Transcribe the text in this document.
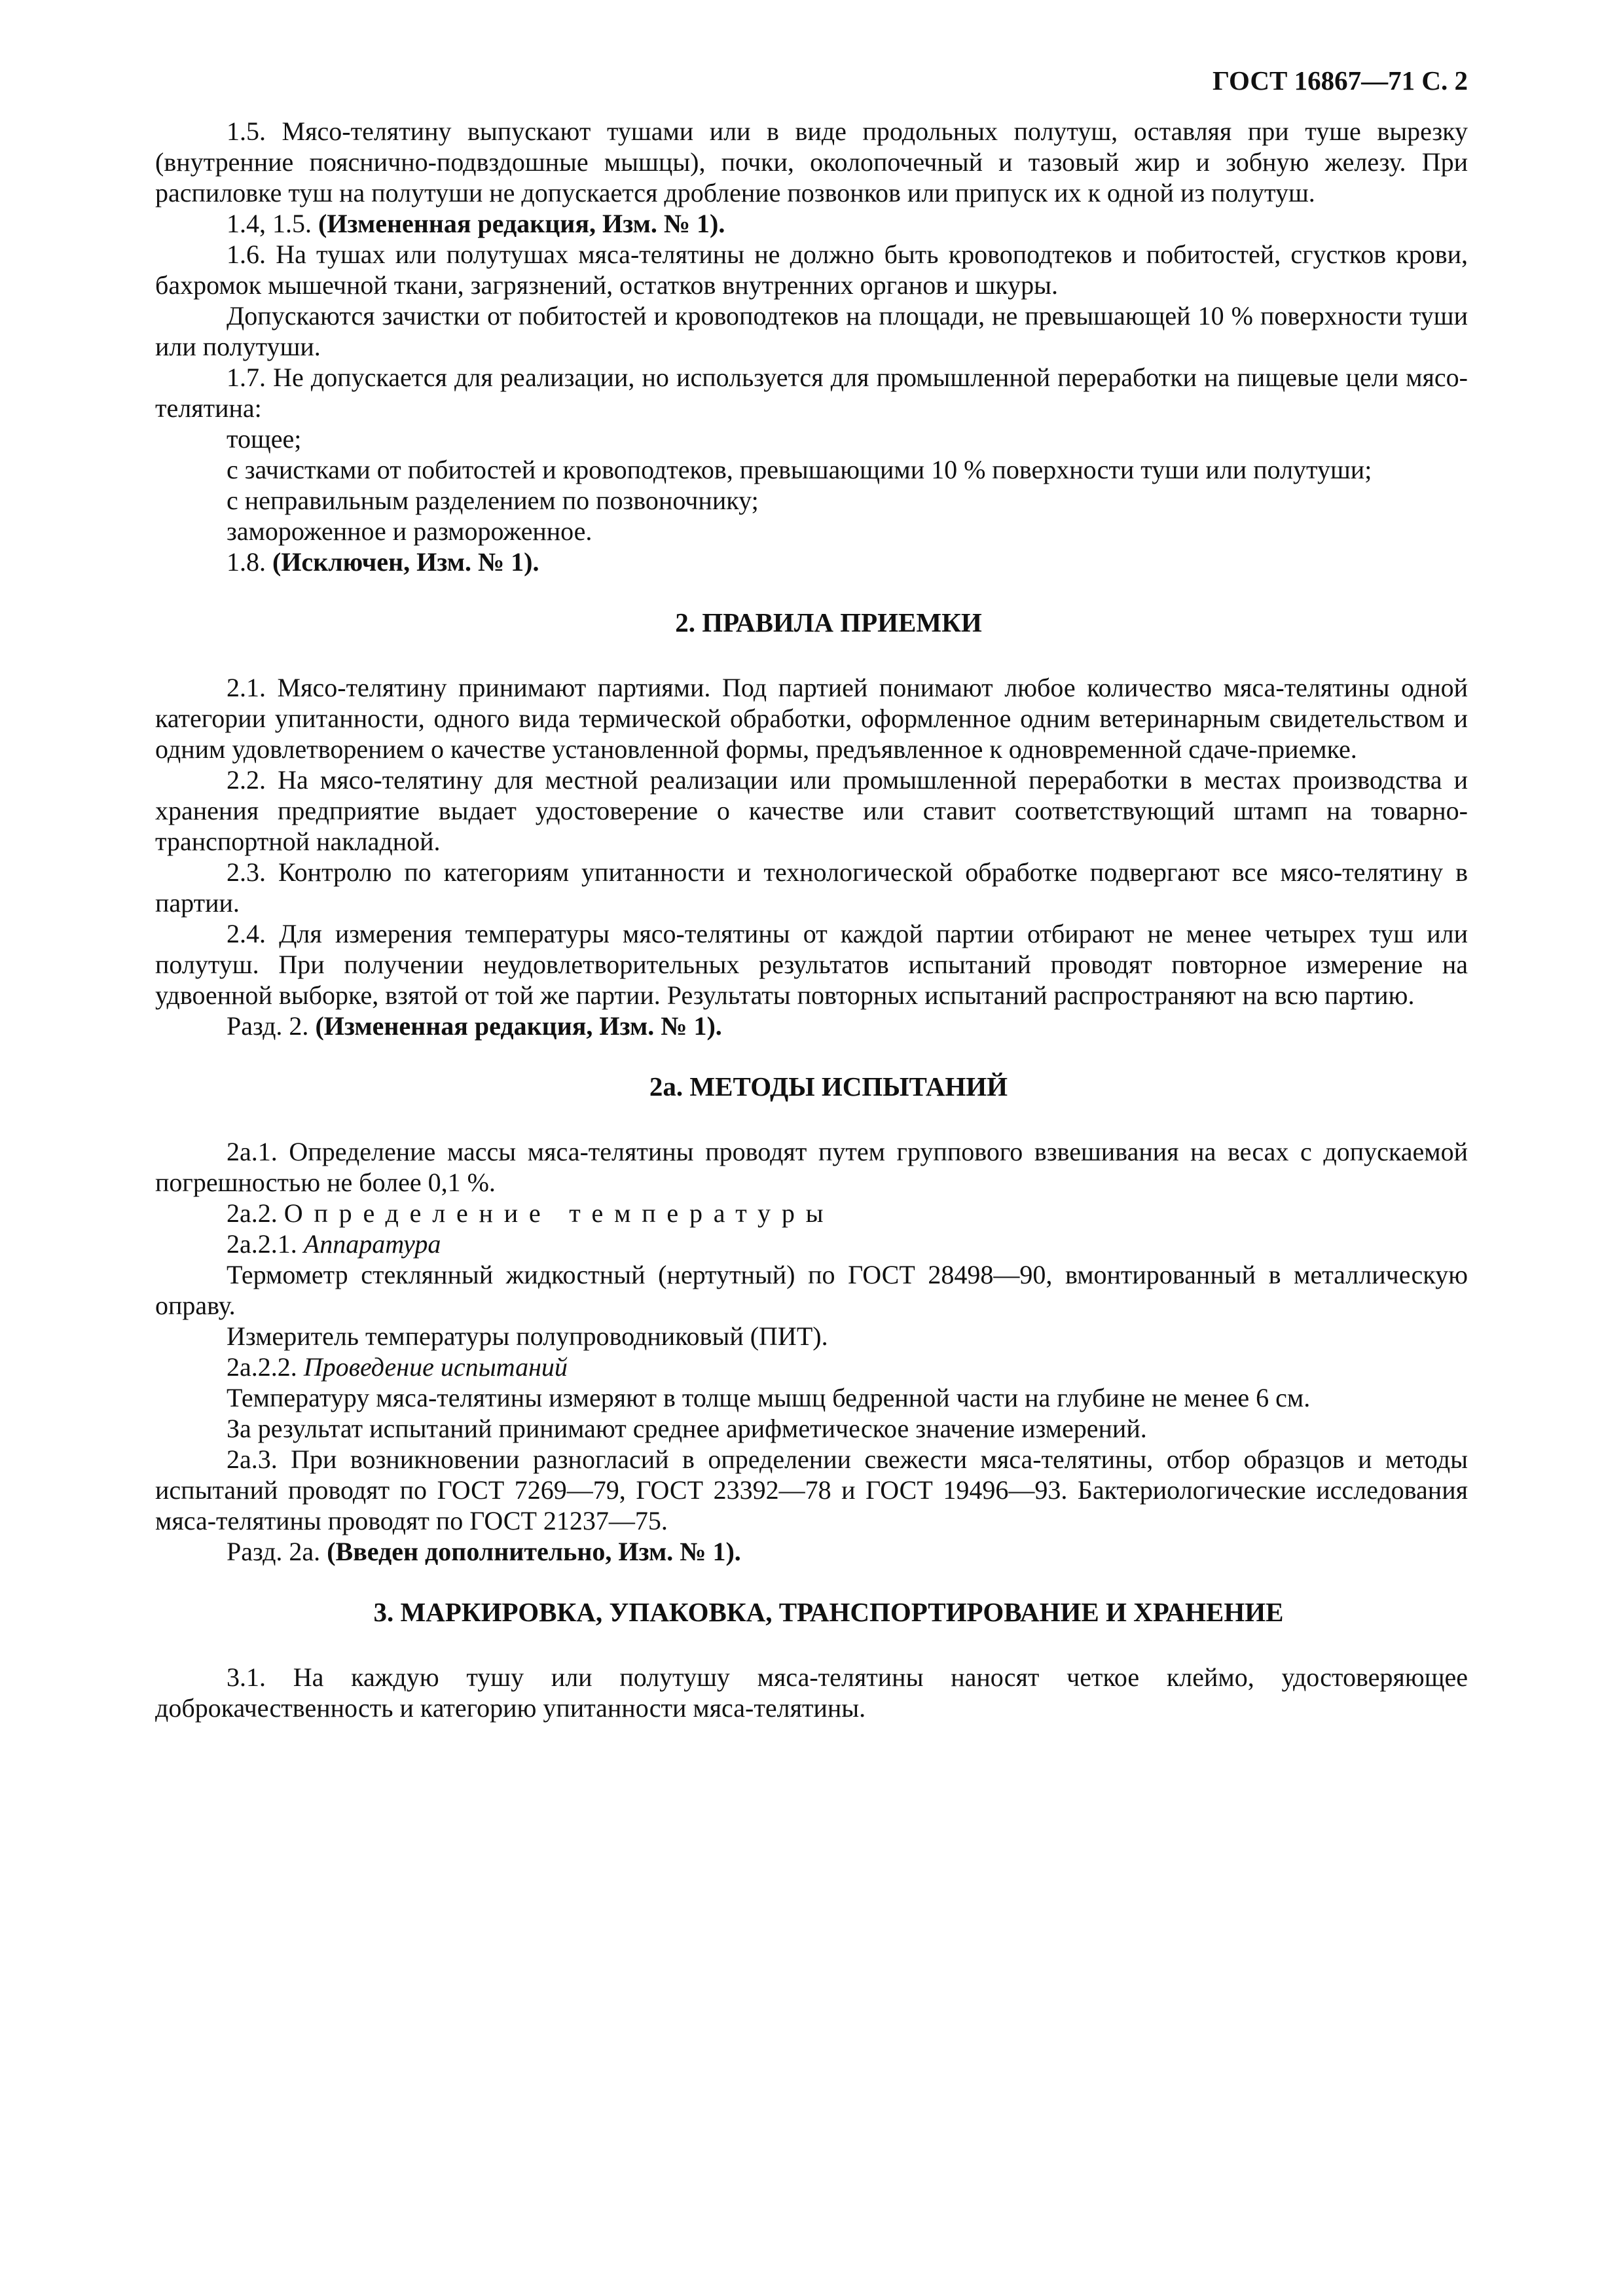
ГОСТ 16867—71 С. 2

1.5. Мясо-телятину выпускают тушами или в виде продольных полутуш, оставляя при туше вырезку (внутренние пояснично-подвздошные мышцы), почки, околопочечный и тазовый жир и зобную железу. При распиловке туш на полутуши не допускается дробление позвонков или припуск их к одной из полутуш.

1.4, 1.5. (Измененная редакция, Изм. № 1).

1.6. На тушах или полутушах мяса-телятины не должно быть кровоподтеков и побитостей, сгустков крови, бахромок мышечной ткани, загрязнений, остатков внутренних органов и шкуры.

Допускаются зачистки от побитостей и кровоподтеков на площади, не превышающей 10 % поверхности туши или полутуши.

1.7. Не допускается для реализации, но используется для промышленной переработки на пищевые цели мясо-телятина:

тощее;

с зачистками от побитостей и кровоподтеков, превышающими 10 % поверхности туши или полутуши;

с неправильным разделением по позвоночнику;

замороженное и размороженное.

1.8. (Исключен, Изм. № 1).

2. ПРАВИЛА ПРИЕМКИ

2.1. Мясо-телятину принимают партиями. Под партией понимают любое количество мяса-телятины одной категории упитанности, одного вида термической обработки, оформленное одним ветеринарным свидетельством и одним удовлетворением о качестве установленной формы, предъявленное к одновременной сдаче-приемке.

2.2. На мясо-телятину для местной реализации или промышленной переработки в местах производства и хранения предприятие выдает удостоверение о качестве или ставит соответствующий штамп на товарно-транспортной накладной.

2.3. Контролю по категориям упитанности и технологической обработке подвергают все мясо-телятину в партии.

2.4. Для измерения температуры мясо-телятины от каждой партии отбирают не менее четырех туш или полутуш. При получении неудовлетворительных результатов испытаний проводят повторное измерение на удвоенной выборке, взятой от той же партии. Результаты повторных испытаний распространяют на всю партию.

Разд. 2. (Измененная редакция, Изм. № 1).

2а. МЕТОДЫ ИСПЫТАНИЙ

2а.1. Определение массы мяса-телятины проводят путем группового взвешивания на весах с допускаемой погрешностью не более 0,1 %.

2а.2. Определение температуры

2а.2.1. Аппаратура

Термометр стеклянный жидкостный (нертутный) по ГОСТ 28498—90, вмонтированный в металлическую оправу.

Измеритель температуры полупроводниковый (ПИТ).

2а.2.2. Проведение испытаний

Температуру мяса-телятины измеряют в толще мышц бедренной части на глубине не менее 6 см.

За результат испытаний принимают среднее арифметическое значение измерений.

2а.3. При возникновении разногласий в определении свежести мяса-телятины, отбор образцов и методы испытаний проводят по ГОСТ 7269—79, ГОСТ 23392—78 и ГОСТ 19496—93. Бактериологические исследования мяса-телятины проводят по ГОСТ 21237—75.

Разд. 2а. (Введен дополнительно, Изм. № 1).

3. МАРКИРОВКА, УПАКОВКА, ТРАНСПОРТИРОВАНИЕ И ХРАНЕНИЕ

3.1. На каждую тушу или полутушу мяса-телятины наносят четкое клеймо, удостоверяющее доброкачественность и категорию упитанности мяса-телятины.
